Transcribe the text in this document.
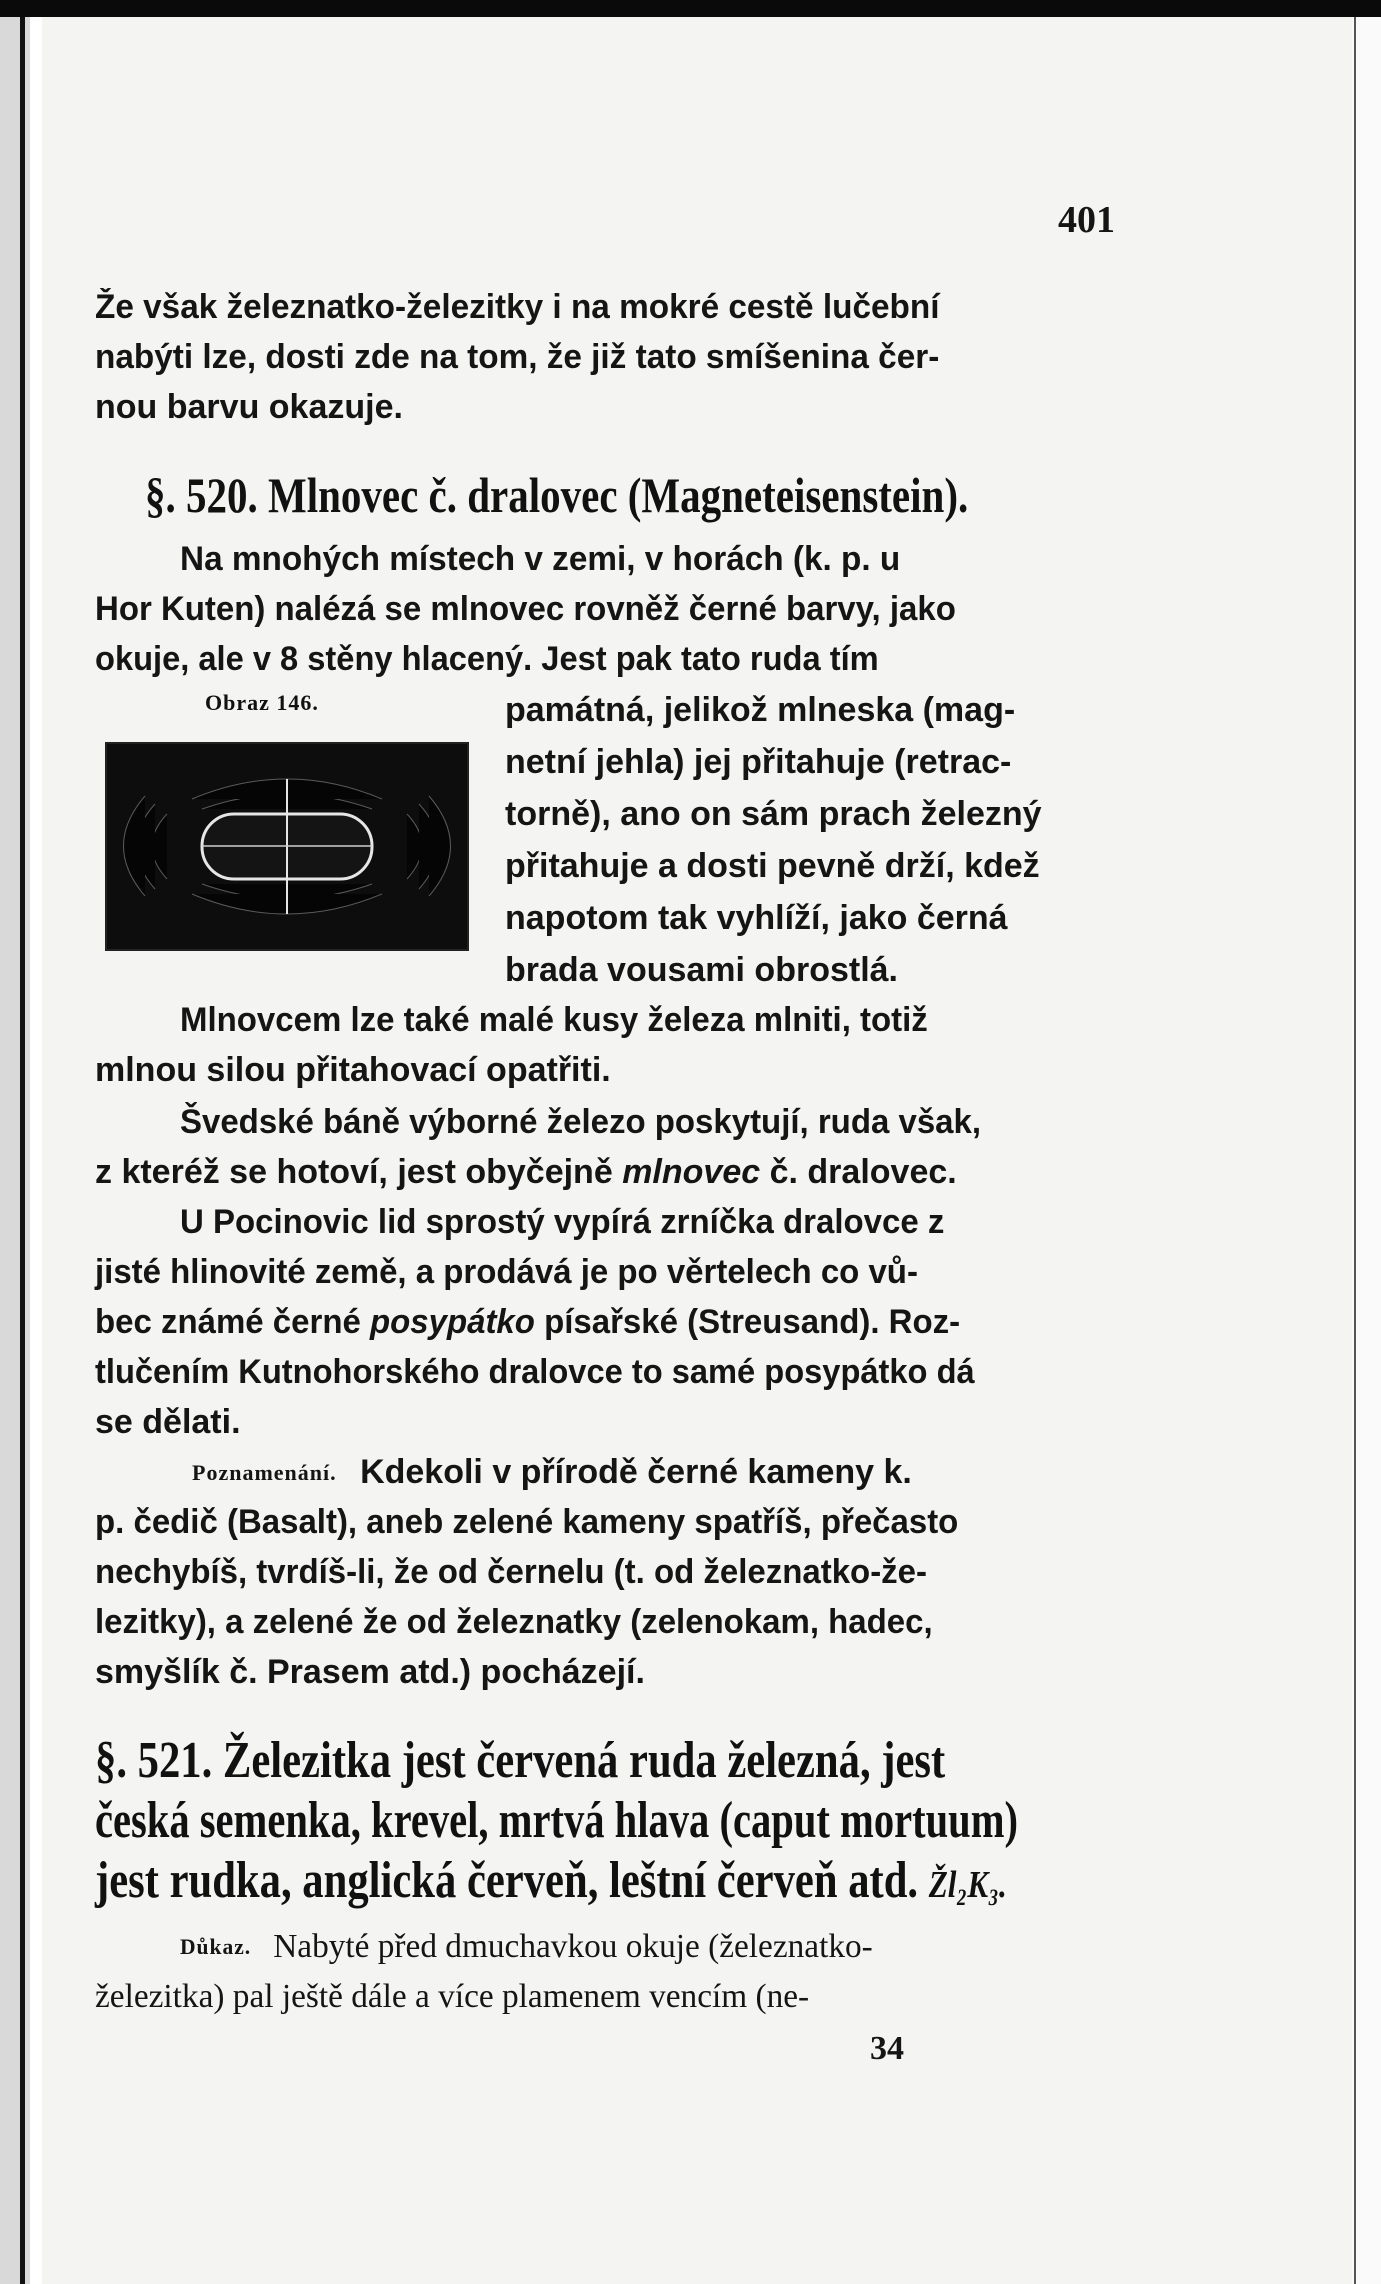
401
Že však železnatko-železitky i na mokré cestě lučební
nabýti lze, dosti zde na tom, že již tato smíšenina čer-
nou barvu okazuje.
§. 520. Mlnovec č. dralovec (Magneteisenstein).
Na mnohých místech v zemi, v horách (k. p. u
Hor Kuten) nalézá se mlnovec rovněž černé barvy, jako
okuje, ale v 8 stěny hlacený. Jest pak tato ruda tím
Obraz 146.	památná, jelikož mlneska (mag-
netní jehla) jej přitahuje (retrac-
torně), ano on sám prach železný
přitahuje a dosti pevně drží, kdež
napotom tak vyhlíží, jako černá
brada vousami obrostlá.
Mlnovcem lze také malé kusy železa mlniti, totiž
mlnou silou přitahovací opatřiti.
Švedské báně výborné železo poskytují, ruda však,
z kteréž se hotoví, jest obyčejně mlnovec č. dralovec.
U Pocinovic lid sprostý vypírá zrníčka dralovce z
jisté hlinovité země, a prodává je po věrtelech co vů-
bec známé černé posypátko písařské (Streusand). Roz-
tlučením Kutnohorského dralovce to samé posypátko dá
se dělati.
Poznamenání. Kdekoli v přírodě černé kameny k.
p. čedič (Basalt), aneb zelené kameny spatříš, přečasto
nechybíš, tvrdíš-li, že od černelu (t. od železnatko-že-
lezitky), a zelené že od železnatky (zelenokam, hadec,
smyšlík č. Prasem atd.) pocházejí.
§. 521. Železitka jest červená ruda železná, jest
česká semenka, krevel, mrtvá hlava (caput mortuum)
jest rudka, anglická červeň, leštní červeň atd. Žl₂K₃.
Důkaz. Nabyté před dmuchavkou okuje (železnatko-
železitka) pal ještě dále a více plamenem vencím (ne-
34
